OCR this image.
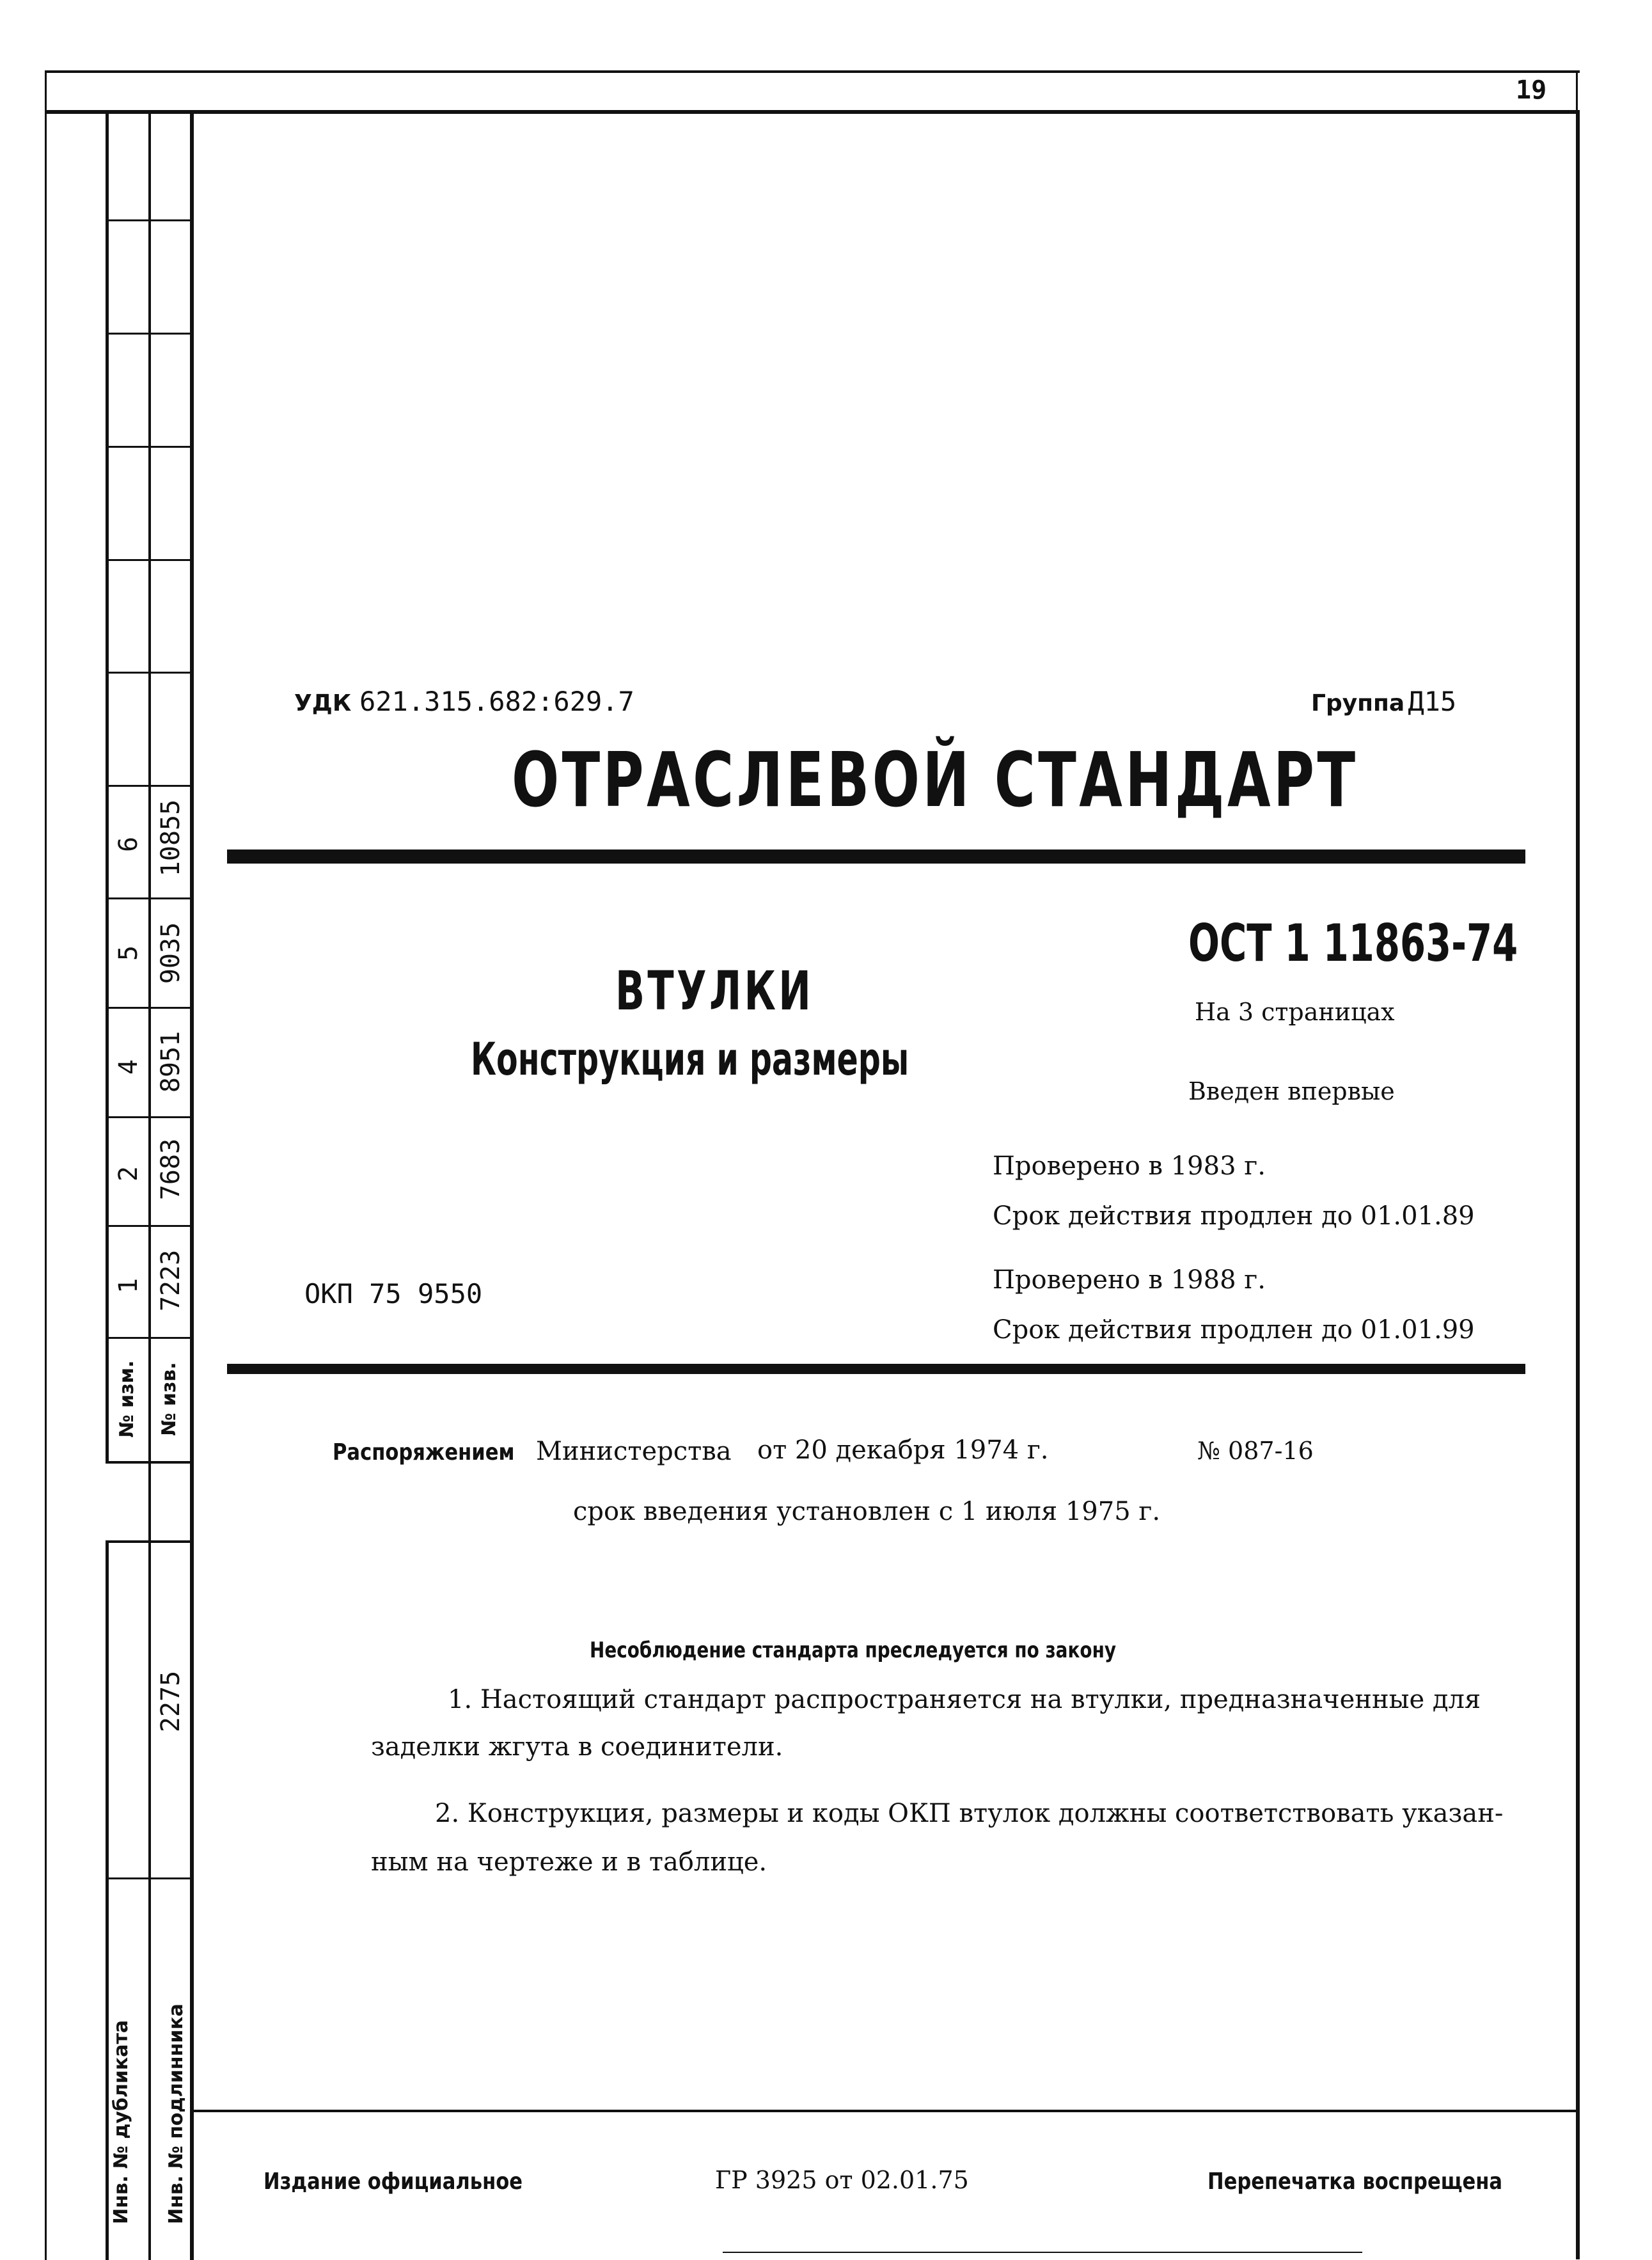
6 10855
5 9035
4 8951
2 7683
1 7223
№ изм. № изв.
2275
Инв. № дубликата Инв. № подлинника
19
УДК 621.315.682:629.7	Группа Д15
ОТРАСЛЕВОЙ СТАНДАРТ
ВТУЛКИ
Конструкция и размеры
ОКП 75 9550
ОСТ 1 11863-74
На 3 страницах
Введен впервые
Проверено в 1983 г.
Срок действия продлен до 01.01.89
Проверено в 1988 г.
Срок действия продлен до 01.01.99
Распоряжением Министерства от 20 декабря 1974 г.	№ 087-16
срок введения установлен с 1 июля 1975 г.
Несоблюдение стандарта преследуется по закону
1. Настоящий стандарт распространяется на втулки, предназначенные для
заделки жгута в соединители.
2. Конструкция, размеры и коды ОКП втулок должны соответствовать указан-
ным на чертеже и в таблице.
Издание официальное	ГР 3925 от 02.01.75	Перепечатка воспрещена
